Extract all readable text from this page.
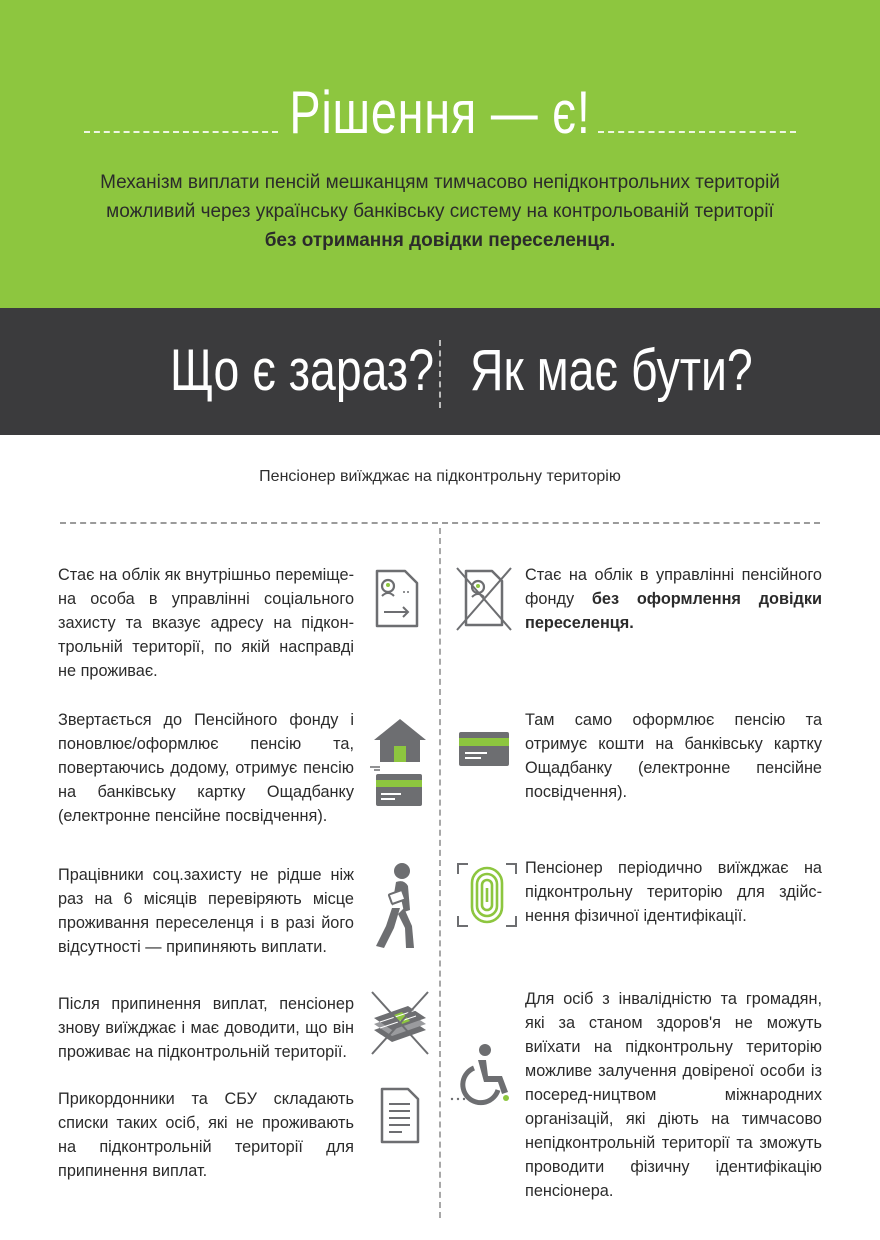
Рішення — є!
Механізм виплати пенсій мешканцям тимчасово непідконтрольних територій
можливий через українську банківську систему на контрольованій території
без отримання довідки переселенця.
Що є зараз? Як має бути?
Пенсіонер виїжджає на підконтрольну територію
Стає на облік як внутрішньо переміще-на особа в управлінні соціального захисту та вказує адресу на підкон-трольній території, по якій насправді не проживає.
Звертається до Пенсійного фонду і поновлює/оформлює пенсію та, повертаючись додому, отримує пенсію на банківську картку Ощадбанку (електронне пенсійне посвідчення).
Працівники соц.захисту не рідше ніж раз на 6 місяців перевіряють місце проживання переселенця і в разі його відсутності — припиняють виплати.
Після припинення виплат, пенсіонер знову виїжджає і має доводити, що він проживає на підконтрольній території.
Прикордонники та СБУ складають списки таких осіб, які не проживають на підконтрольній території для припинення виплат.
Стає на облік в управлінні пенсійного фонду без оформлення довідки переселенця.
Там само оформлює пенсію та отримує кошти на банківську картку Ощадбанку (електронне пенсійне посвідчення).
Пенсіонер періодично виїжджає на підконтрольну територію для здійс-нення фізичної ідентифікації.
Для осіб з інвалідністю та громадян, які за станом здоров'я не можуть виїхати на підконтрольну територію можливе залучення довіреної особи із посеред-ництвом міжнародних організацій, які діють на тимчасово непідконтрольній території та зможуть проводити фізичну ідентифікацію пенсіонера.
